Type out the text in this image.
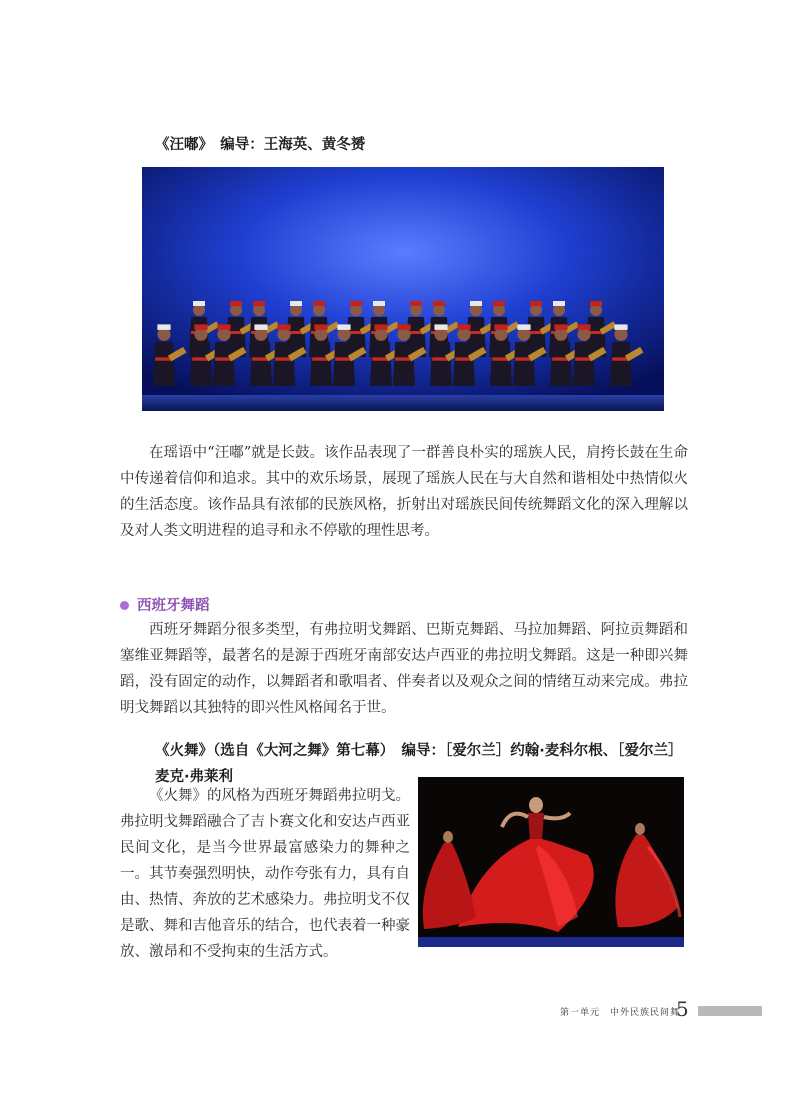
《汪嘟》　编导：王海英、黄冬赟
在瑶语中“汪嘟”就是长鼓。该作品表现了一群善良朴实的瑶族人民，肩挎长鼓在生命中传递着信仰和追求。其中的欢乐场景，展现了瑶族人民在与大自然和谐相处中热情似火的生活态度。该作品具有浓郁的民族风格，折射出对瑶族民间传统舞蹈文化的深入理解以及对人类文明进程的追寻和永不停歇的理性思考。
西班牙舞蹈
西班牙舞蹈分很多类型，有弗拉明戈舞蹈、巴斯克舞蹈、马拉加舞蹈、阿拉贡舞蹈和塞维亚舞蹈等，最著名的是源于西班牙南部安达卢西亚的弗拉明戈舞蹈。这是一种即兴舞蹈，没有固定的动作，以舞蹈者和歌唱者、伴奏者以及观众之间的情绪互动来完成。弗拉明戈舞蹈以其独特的即兴性风格闻名于世。
《火舞》（选自《大河之舞》第七幕）　编导：［爱尔兰］约翰·麦科尔根、［爱尔兰］麦克·弗莱利
《火舞》的风格为西班牙舞蹈弗拉明戈。弗拉明戈舞蹈融合了吉卜赛文化和安达卢西亚民间文化，是当今世界最富感染力的舞种之一。其节奏强烈明快，动作夸张有力，具有自由、热情、奔放的艺术感染力。弗拉明戈不仅是歌、舞和吉他音乐的结合，也代表着一种豪放、激昂和不受拘束的生活方式。
第一单元　中外民族民间舞
5
